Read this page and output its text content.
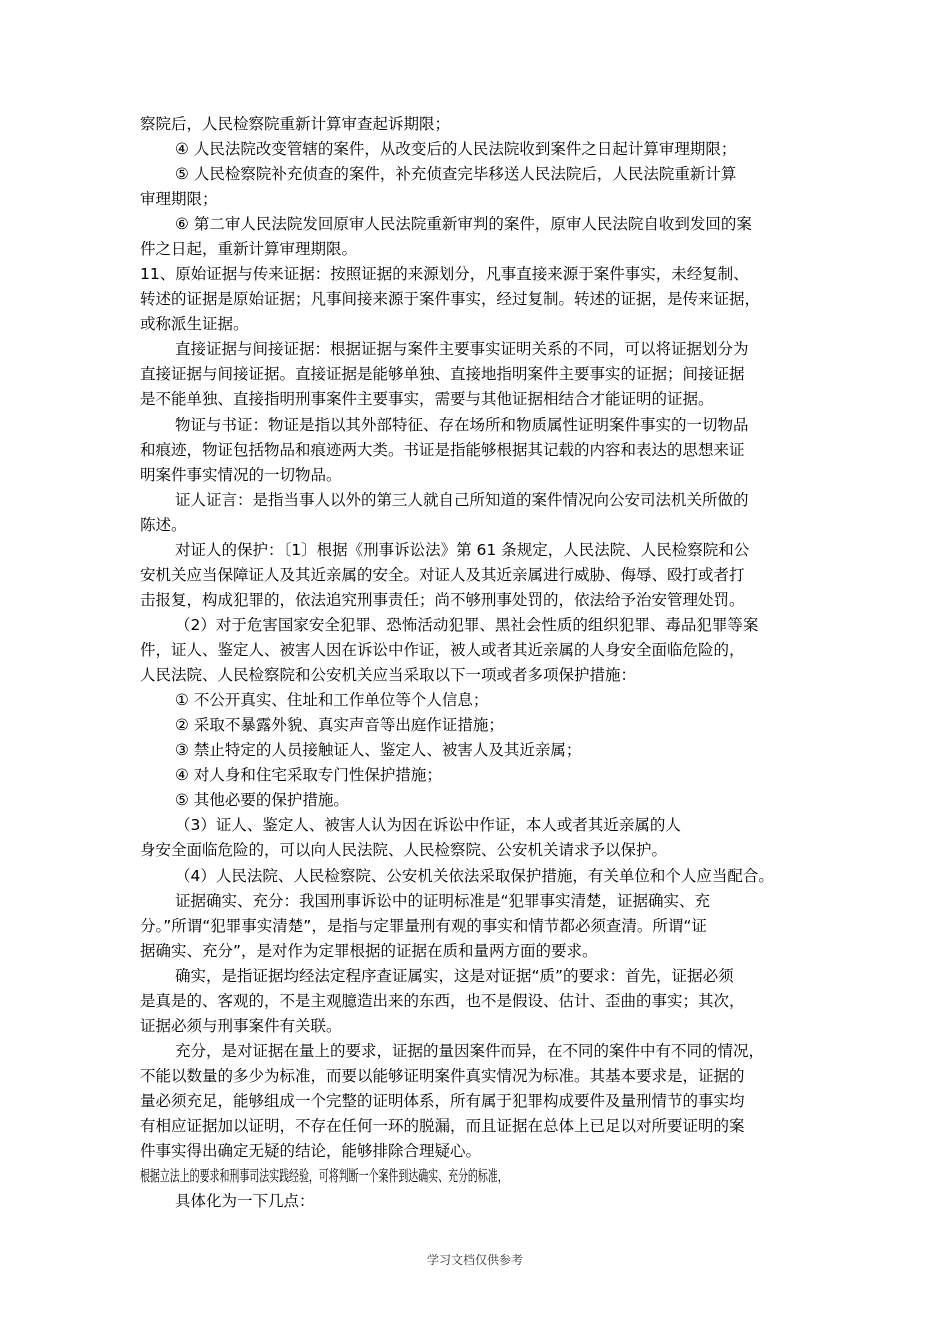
察院后，人民检察院重新计算审查起诉期限；
④ 人民法院改变管辖的案件，从改变后的人民法院收到案件之日起计算审理期限；
⑤ 人民检察院补充侦查的案件，补充侦查完毕移送人民法院后，人民法院重新计算
审理期限；
⑥ 第二审人民法院发回原审人民法院重新审判的案件，原审人民法院自收到发回的案
件之日起，重新计算审理期限。
11、原始证据与传来证据：按照证据的来源划分，凡事直接来源于案件事实，未经复制、
转述的证据是原始证据；凡事间接来源于案件事实，经过复制。转述的证据，是传来证据，
或称派生证据。
直接证据与间接证据：根据证据与案件主要事实证明关系的不同，可以将证据划分为
直接证据与间接证据。直接证据是能够单独、直接地指明案件主要事实的证据；间接证据
是不能单独、直接指明刑事案件主要事实，需要与其他证据相结合才能证明的证据。
物证与书证：物证是指以其外部特征、存在场所和物质属性证明案件事实的一切物品
和痕迹，物证包括物品和痕迹两大类。书证是指能够根据其记载的内容和表达的思想来证
明案件事实情况的一切物品。
证人证言：是指当事人以外的第三人就自己所知道的案件情况向公安司法机关所做的
陈述。
对证人的保护：〔1〕根据《刑事诉讼法》第 61 条规定，人民法院、人民检察院和公
安机关应当保障证人及其近亲属的安全。对证人及其近亲属进行威胁、侮辱、殴打或者打
击报复，构成犯罪的，依法追究刑事责任；尚不够刑事处罚的，依法给予治安管理处罚。
（2）对于危害国家安全犯罪、恐怖活动犯罪、黑社会性质的组织犯罪、毒品犯罪等案
件，证人、鉴定人、被害人因在诉讼中作证，被人或者其近亲属的人身安全面临危险的，
人民法院、人民检察院和公安机关应当采取以下一项或者多项保护措施：
① 不公开真实、住址和工作单位等个人信息；
② 采取不暴露外貌、真实声音等出庭作证措施；
③ 禁止特定的人员接触证人、鉴定人、被害人及其近亲属；
④ 对人身和住宅采取专门性保护措施；
⑤ 其他必要的保护措施。
（3）证人、鉴定人、被害人认为因在诉讼中作证，本人或者其近亲属的人
身安全面临危险的，可以向人民法院、人民检察院、公安机关请求予以保护。
（4）人民法院、人民检察院、公安机关依法采取保护措施，有关单位和个人应当配合。
证据确实、充分：我国刑事诉讼中的证明标准是“犯罪事实清楚，证据确实、充
分。”所谓“犯罪事实清楚”，是指与定罪量刑有观的事实和情节都必须查清。所谓“证
据确实、充分”，是对作为定罪根据的证据在质和量两方面的要求。
确实，是指证据均经法定程序查证属实，这是对证据“质”的要求：首先，证据必须
是真是的、客观的，不是主观臆造出来的东西，也不是假设、估计、歪曲的事实；其次，
证据必须与刑事案件有关联。
充分，是对证据在量上的要求，证据的量因案件而异，在不同的案件中有不同的情况，
不能以数量的多少为标准，而要以能够证明案件真实情况为标准。其基本要求是，证据的
量必须充足，能够组成一个完整的证明体系，所有属于犯罪构成要件及量刑情节的事实均
有相应证据加以证明，不存在任何一环的脱漏，而且证据在总体上已足以对所要证明的案
件事实得出确定无疑的结论，能够排除合理疑心。
根据立法上的要求和刑事司法实践经验，可将判断一个案件到达确实、充分的标准，
具体化为一下几点：
学习文档仅供参考
